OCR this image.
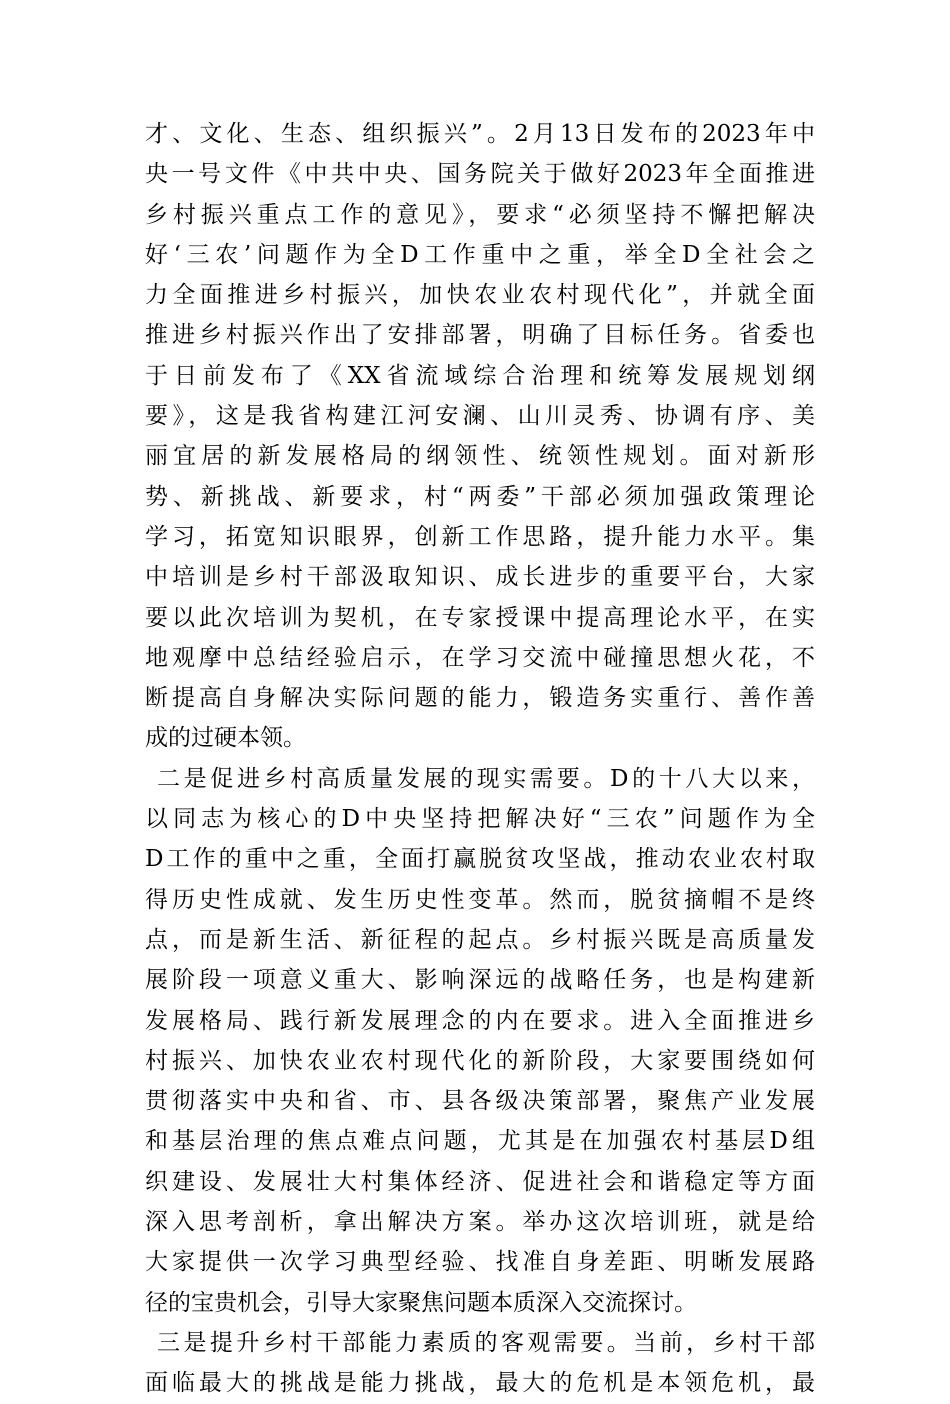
才、文化、生态、组织振兴”。2月13日发布的2023年中
央一号文件《中共中央、国务院关于做好2023年全面推进
乡村振兴重点工作的意见》，要求“必须坚持不懈把解决
好‘三农’问题作为全D工作重中之重，举全D全社会之
力全面推进乡村振兴，加快农业农村现代化”，并就全面
推进乡村振兴作出了安排部署，明确了目标任务。省委也
于日前发布了《XX省流域综合治理和统筹发展规划纲
要》，这是我省构建江河安澜、山川灵秀、协调有序、美
丽宜居的新发展格局的纲领性、统领性规划。面对新形
势、新挑战、新要求，村“两委”干部必须加强政策理论
学习，拓宽知识眼界，创新工作思路，提升能力水平。集
中培训是乡村干部汲取知识、成长进步的重要平台，大家
要以此次培训为契机，在专家授课中提高理论水平，在实
地观摩中总结经验启示，在学习交流中碰撞思想火花，不
断提高自身解决实际问题的能力，锻造务实重行、善作善
成的过硬本领。
二是促进乡村高质量发展的现实需要。D的十八大以来，
以同志为核心的D中央坚持把解决好“三农”问题作为全
D工作的重中之重，全面打赢脱贫攻坚战，推动农业农村取
得历史性成就、发生历史性变革。然而，脱贫摘帽不是终
点，而是新生活、新征程的起点。乡村振兴既是高质量发
展阶段一项意义重大、影响深远的战略任务，也是构建新
发展格局、践行新发展理念的内在要求。进入全面推进乡
村振兴、加快农业农村现代化的新阶段，大家要围绕如何
贯彻落实中央和省、市、县各级决策部署，聚焦产业发展
和基层治理的焦点难点问题，尤其是在加强农村基层D组
织建设、发展壮大村集体经济、促进社会和谐稳定等方面
深入思考剖析，拿出解决方案。举办这次培训班，就是给
大家提供一次学习典型经验、找准自身差距、明晰发展路
径的宝贵机会，引导大家聚焦问题本质深入交流探讨。
三是提升乡村干部能力素质的客观需要。当前，乡村干部
面临最大的挑战是能力挑战，最大的危机是本领危机，最
